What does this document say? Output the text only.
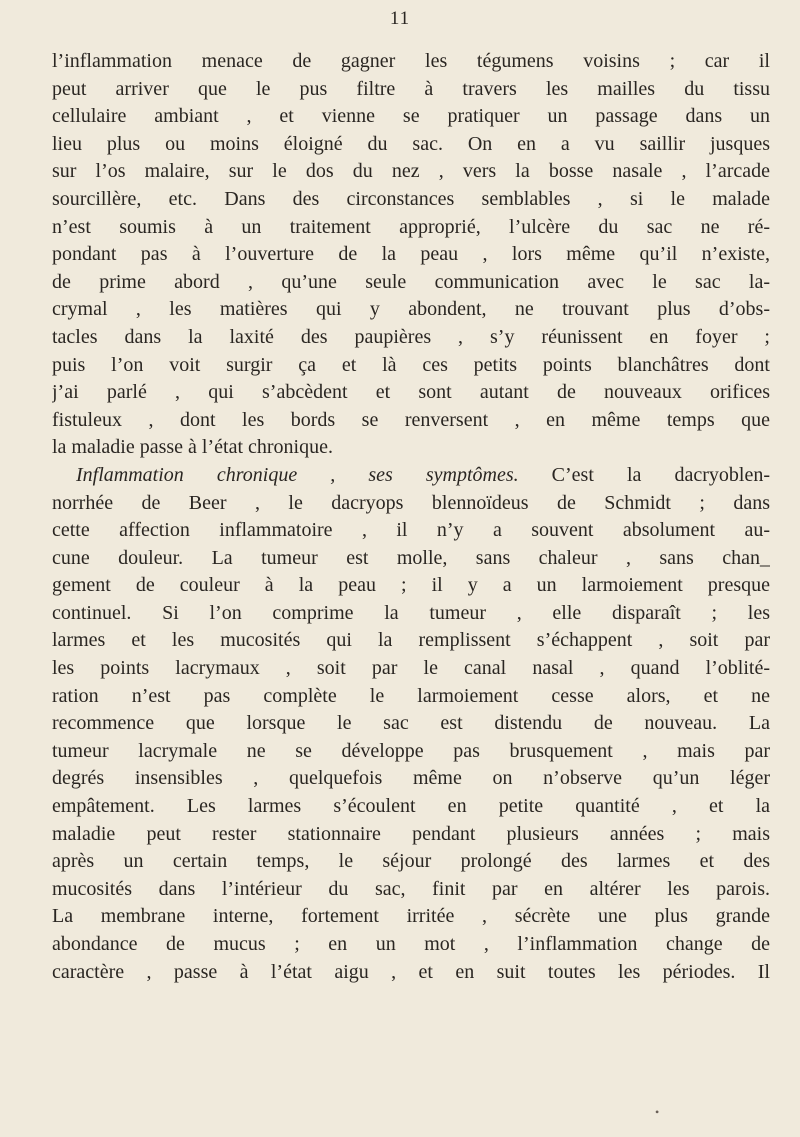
11
l’inflammation menace de gagner les tégumens voisins ; car il
peut arriver que le pus filtre à travers les mailles du tissu
cellulaire ambiant , et vienne se pratiquer un passage dans un
lieu plus ou moins éloigné du sac. On en a vu saillir jusques
sur l’os malaire, sur le dos du nez , vers la bosse nasale , l’arcade
sourcillère, etc. Dans des circonstances semblables , si le malade
n’est soumis à un traitement approprié, l’ulcère du sac ne ré-
pondant pas à l’ouverture de la peau , lors même qu’il n’existe,
de prime abord , qu’une seule communication avec le sac la-
crymal , les matières qui y abondent, ne trouvant plus d’obs-
tacles dans la laxité des paupières , s’y réunissent en foyer ;
puis l’on voit surgir ça et là ces petits points blanchâtres dont
j’ai parlé , qui s’abcèdent et sont autant de nouveaux orifices
fistuleux , dont les bords se renversent , en même temps que
la maladie passe à l’état chronique.
Inflammation chronique , ses symptômes. C’est la dacryoblen-
norrhée de Beer , le dacryops blennoïdeus de Schmidt ; dans
cette affection inflammatoire , il n’y a souvent absolument au-
cune douleur. La tumeur est molle, sans chaleur , sans chan_
gement de couleur à la peau ; il y a un larmoiement presque
continuel. Si l’on comprime la tumeur , elle disparaît ; les
larmes et les mucosités qui la remplissent s’échappent , soit par
les points lacrymaux , soit par le canal nasal , quand l’oblité-
ration n’est pas complète le larmoiement cesse alors, et ne
recommence que lorsque le sac est distendu de nouveau. La
tumeur lacrymale ne se développe pas brusquement , mais par
degrés insensibles , quelquefois même on n’observe qu’un léger
empâtement. Les larmes s’écoulent en petite quantité , et la
maladie peut rester stationnaire pendant plusieurs années ; mais
après un certain temps, le séjour prolongé des larmes et des
mucosités dans l’intérieur du sac, finit par en altérer les parois.
La membrane interne, fortement irritée , sécrète une plus grande
abondance de mucus ; en un mot , l’inflammation change de
caractère , passe à l’état aigu , et en suit toutes les périodes. Il
•
